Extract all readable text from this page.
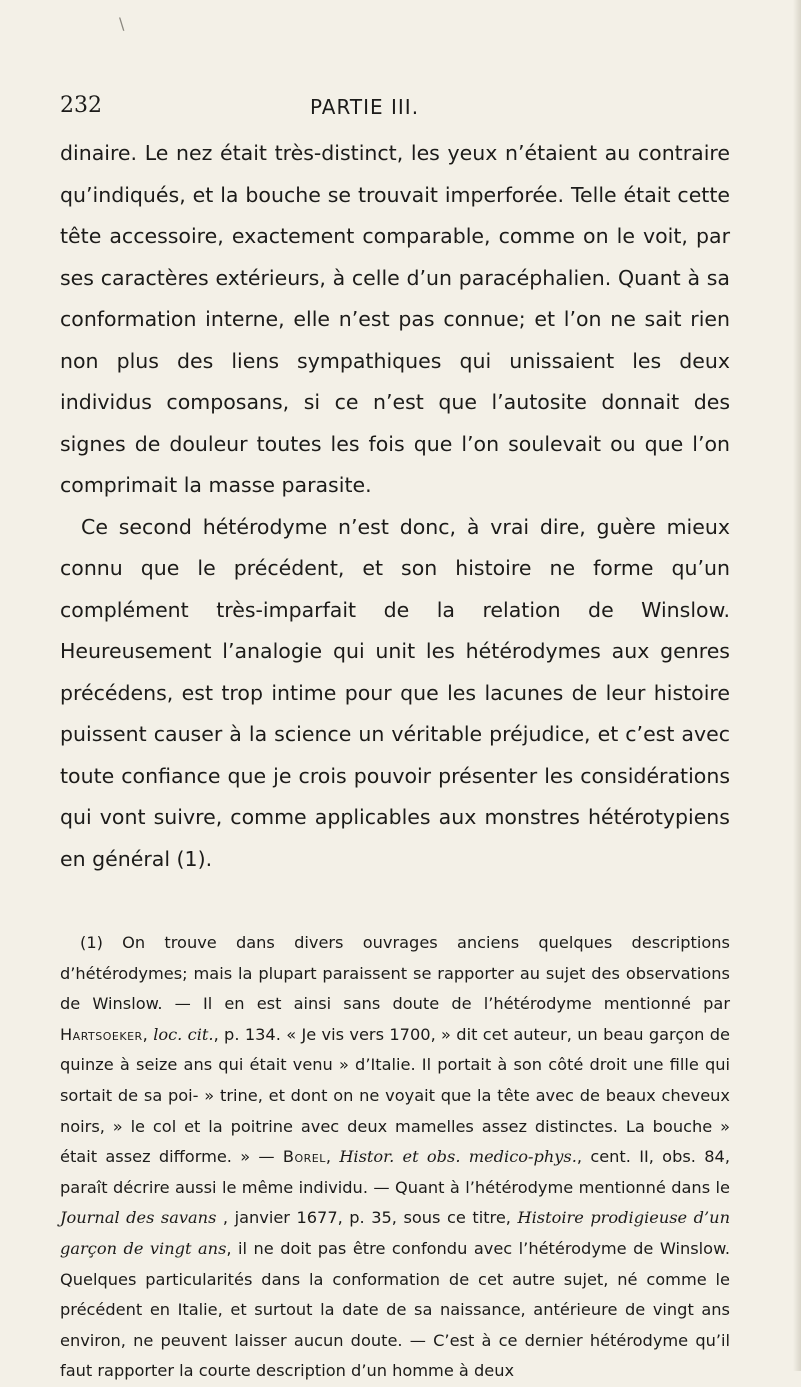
\
232	PARTIE III.

dinaire. Le nez était très-distinct, les yeux n’étaient au contraire qu’indiqués, et la bouche se trouvait imperforée. Telle était cette tête accessoire, exactement comparable, comme on le voit, par ses caractères extérieurs, à celle d’un paracéphalien. Quant à sa conformation interne, elle n’est pas connue; et l’on ne sait rien non plus des liens sympathiques qui unissaient les deux individus composans, si ce n’est que l’autosite donnait des signes de douleur toutes les fois que l’on soulevait ou que l’on comprimait la masse parasite.

Ce second hétérodyme n’est donc, à vrai dire, guère mieux connu que le précédent, et son histoire ne forme qu’un complément très-imparfait de la relation de Winslow. Heureusement l’analogie qui unit les hétérodymes aux genres précédens, est trop intime pour que les lacunes de leur histoire puissent causer à la science un véritable préjudice, et c’est avec toute confiance que je crois pouvoir présenter les considérations qui vont suivre, comme applicables aux monstres hétérotypiens en général (1).

(1) On trouve dans divers ouvrages anciens quelques descriptions d’hétérodymes; mais la plupart paraissent se rapporter au sujet des observations de Winslow. — Il en est ainsi sans doute de l’hétérodyme mentionné par Hartsoeker, loc. cit., p. 134. « Je vis vers 1700, » dit cet auteur, un beau garçon de quinze à seize ans qui était venu » d’Italie. Il portait à son côté droit une fille qui sortait de sa poi- » trine, et dont on ne voyait que la tête avec de beaux cheveux noirs, » le col et la poitrine avec deux mamelles assez distinctes. La bouche » était assez difforme. » — Borel, Histor. et obs. medico-phys., cent. II, obs. 84, paraît décrire aussi le même individu. — Quant à l’hétérodyme mentionné dans le Journal des savans , janvier 1677, p. 35, sous ce titre, Histoire prodigieuse d’un garçon de vingt ans, il ne doit pas être confondu avec l’hétérodyme de Winslow. Quelques particularités dans la conformation de cet autre sujet, né comme le précédent en Italie, et surtout la date de sa naissance, antérieure de vingt ans environ, ne peuvent laisser aucun doute. — C’est à ce dernier hétérodyme qu’il faut rapporter la courte description d’un homme à deux
